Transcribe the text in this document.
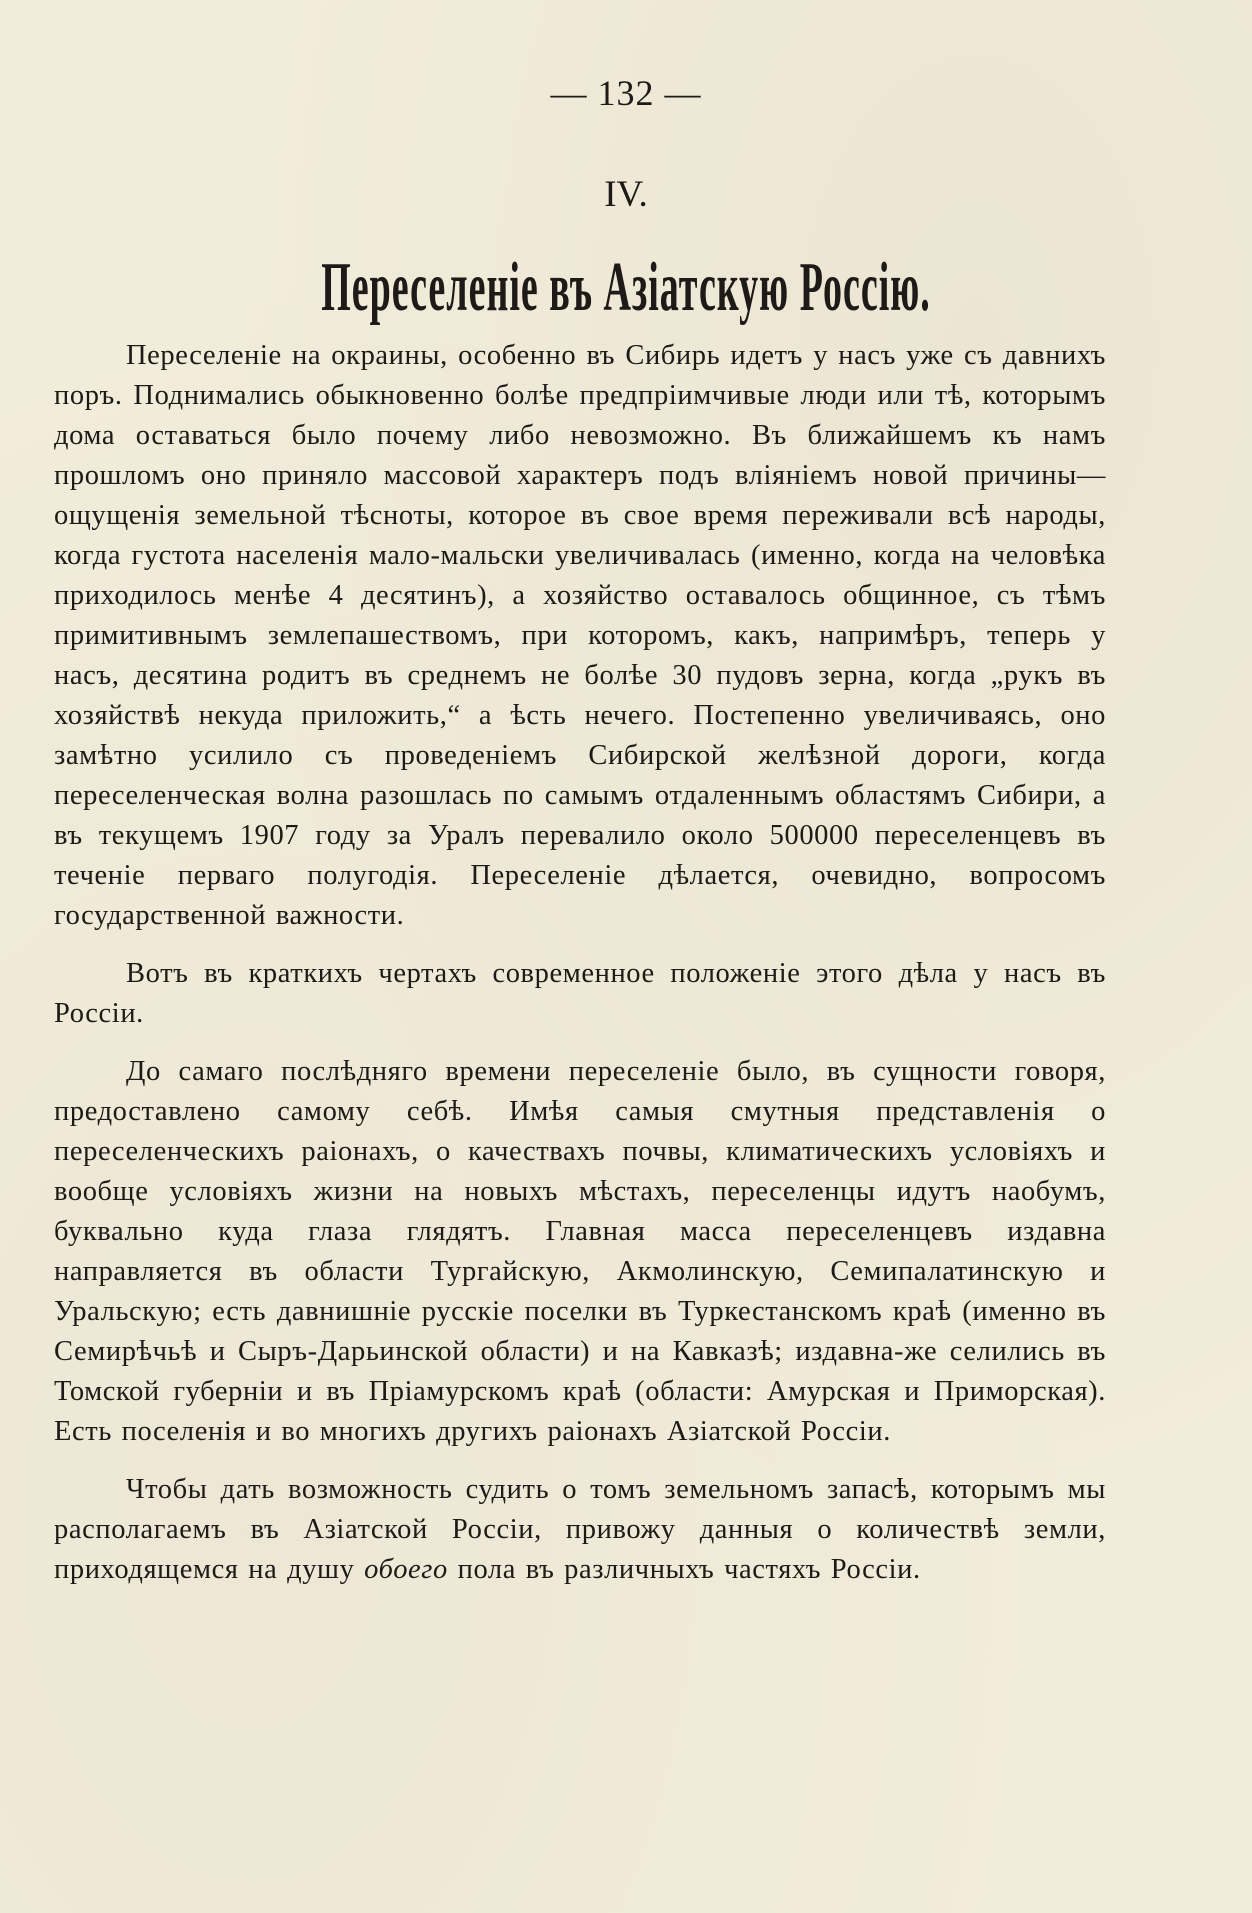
— 132 —
IV.
Переселеніе въ Азіатскую Россію.

Переселеніе на окраины, особенно въ Сибирь идетъ у насъ уже съ давнихъ поръ. Поднимались обыкновенно болѣе предпріимчивые люди или тѣ, которымъ дома оставаться было почему либо невозможно. Въ ближайшемъ къ намъ прошломъ оно приняло массовой характеръ подъ вліяніемъ новой причины—ощущенія земельной тѣсноты, которое въ свое время переживали всѣ народы, когда густота населенія мало-мальски увеличивалась (именно, когда на человѣка приходилось менѣе 4 десятинъ), а хозяйство оставалось общинное, съ тѣмъ примитивнымъ землепашествомъ, при которомъ, какъ, напримѣръ, теперь у насъ, десятина родитъ въ среднемъ не болѣе 30 пудовъ зерна, когда „рукъ въ хозяйствѣ некуда приложить,“ а ѣсть нечего. Постепенно увеличиваясь, оно замѣтно усилило съ проведеніемъ Сибирской желѣзной дороги, когда переселенческая волна разошлась по самымъ отдаленнымъ областямъ Сибири, а въ текущемъ 1907 году за Уралъ перевалило около 500000 переселенцевъ въ теченіе перваго полугодія. Переселеніе дѣлается, очевидно, вопросомъ государственной важности.

Вотъ въ краткихъ чертахъ современное положеніе этого дѣла у насъ въ Россіи.

До самаго послѣдняго времени переселеніе было, въ сущности говоря, предоставлено самому себѣ. Имѣя самыя смутныя представленія о переселенческихъ раіонахъ, о качествахъ почвы, климатическихъ условіяхъ и вообще условіяхъ жизни на новыхъ мѣстахъ, переселенцы идутъ наобумъ, буквально куда глаза глядятъ. Главная масса переселенцевъ издавна направляется въ области Тургайскую, Акмолинскую, Семипалатинскую и Уральскую; есть давнишніе русскіе поселки въ Туркестанскомъ краѣ (именно въ Семирѣчьѣ и Сыръ-Дарьинской области) и на Кавказѣ; издавна-же селились въ Томской губерніи и въ Пріамурскомъ краѣ (области: Амурская и Приморская). Есть поселенія и во многихъ другихъ раіонахъ Азіатской Россіи.

Чтобы дать возможность судить о томъ земельномъ запасѣ, которымъ мы располагаемъ въ Азіатской Россіи, привожу данныя о количествѣ земли, приходящемся на душу обоего пола въ различныхъ частяхъ Россіи.
